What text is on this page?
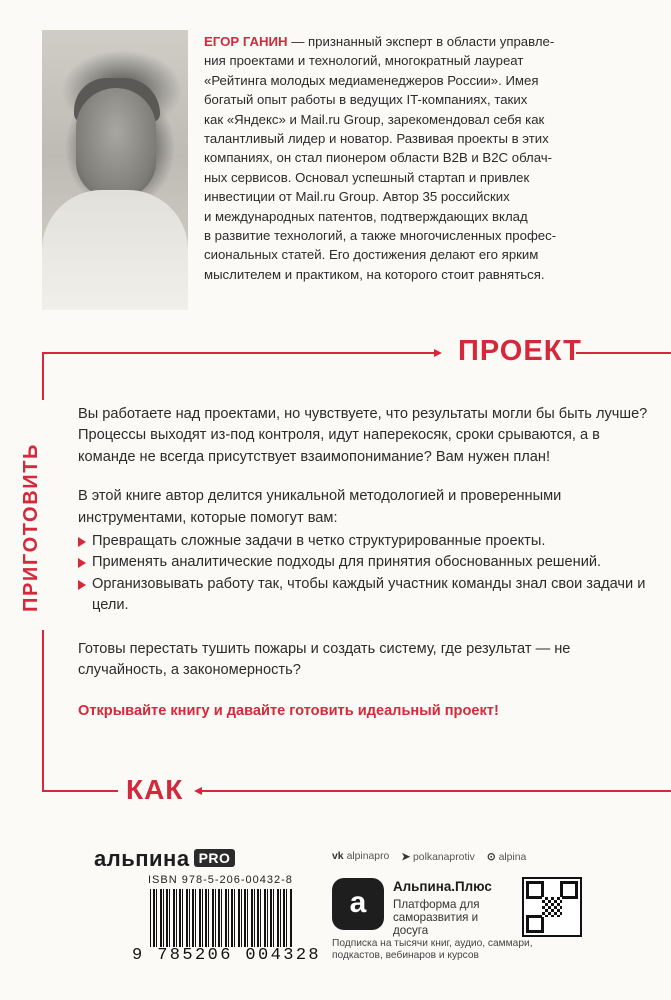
ЕГОР ГАНИН — признанный эксперт в области управле-

ния проектами и технологий, многократный лауреат

«Рейтинга молодых медиаменеджеров России». Имея

богатый опыт работы в ведущих IT-компаниях, таких

как «Яндекс» и Mail.ru Group, зарекомендовал себя как

талантливый лидер и новатор. Развивая проекты в этих

компаниях, он стал пионером области B2B и B2C облач-

ных сервисов. Основал успешный стартап и привлек

инвестиции от Mail.ru Group. Автор 35 российских

и международных патентов, подтверждающих вклад

в развитие технологий, а также многочисленных профес-

сиональных статей. Его достижения делают его ярким

мыслителем и практиком, на которого стоит равняться.

ПРОЕКТ
КАК
ПРИГОТОВИТЬ

Вы работаете над проектами, но чувствуете, что результаты могли бы быть лучше? Процессы выходят из-под контроля, идут наперекосяк, сроки срываются, а в команде не всегда присутствует взаимопонимание? Вам нужен план!

В этой книге автор делится уникальной методологией и проверенными инструментами, которые помогут вам:

Превращать сложные задачи в четко структурированные проекты.
Применять аналитические подходы для принятия обоснованных решений.
Организовывать работу так, чтобы каждый участник команды знал свои задачи и цели.

Готовы перестать тушить пожары и создать систему, где результат — не случайность, а закономерность?

Открывайте книгу и давайте готовить идеальный проект!

альпина PRO
ISBN 978-5-206-00432-8
9 785206 004328
vk alpinapro ➤ polkanaprotiv ⊙ alpina
а	Альпина.Плюс
Платформа для саморазвития и досуга
Подписка на тысячи книг, аудио, саммари, подкастов, вебинаров и курсов
